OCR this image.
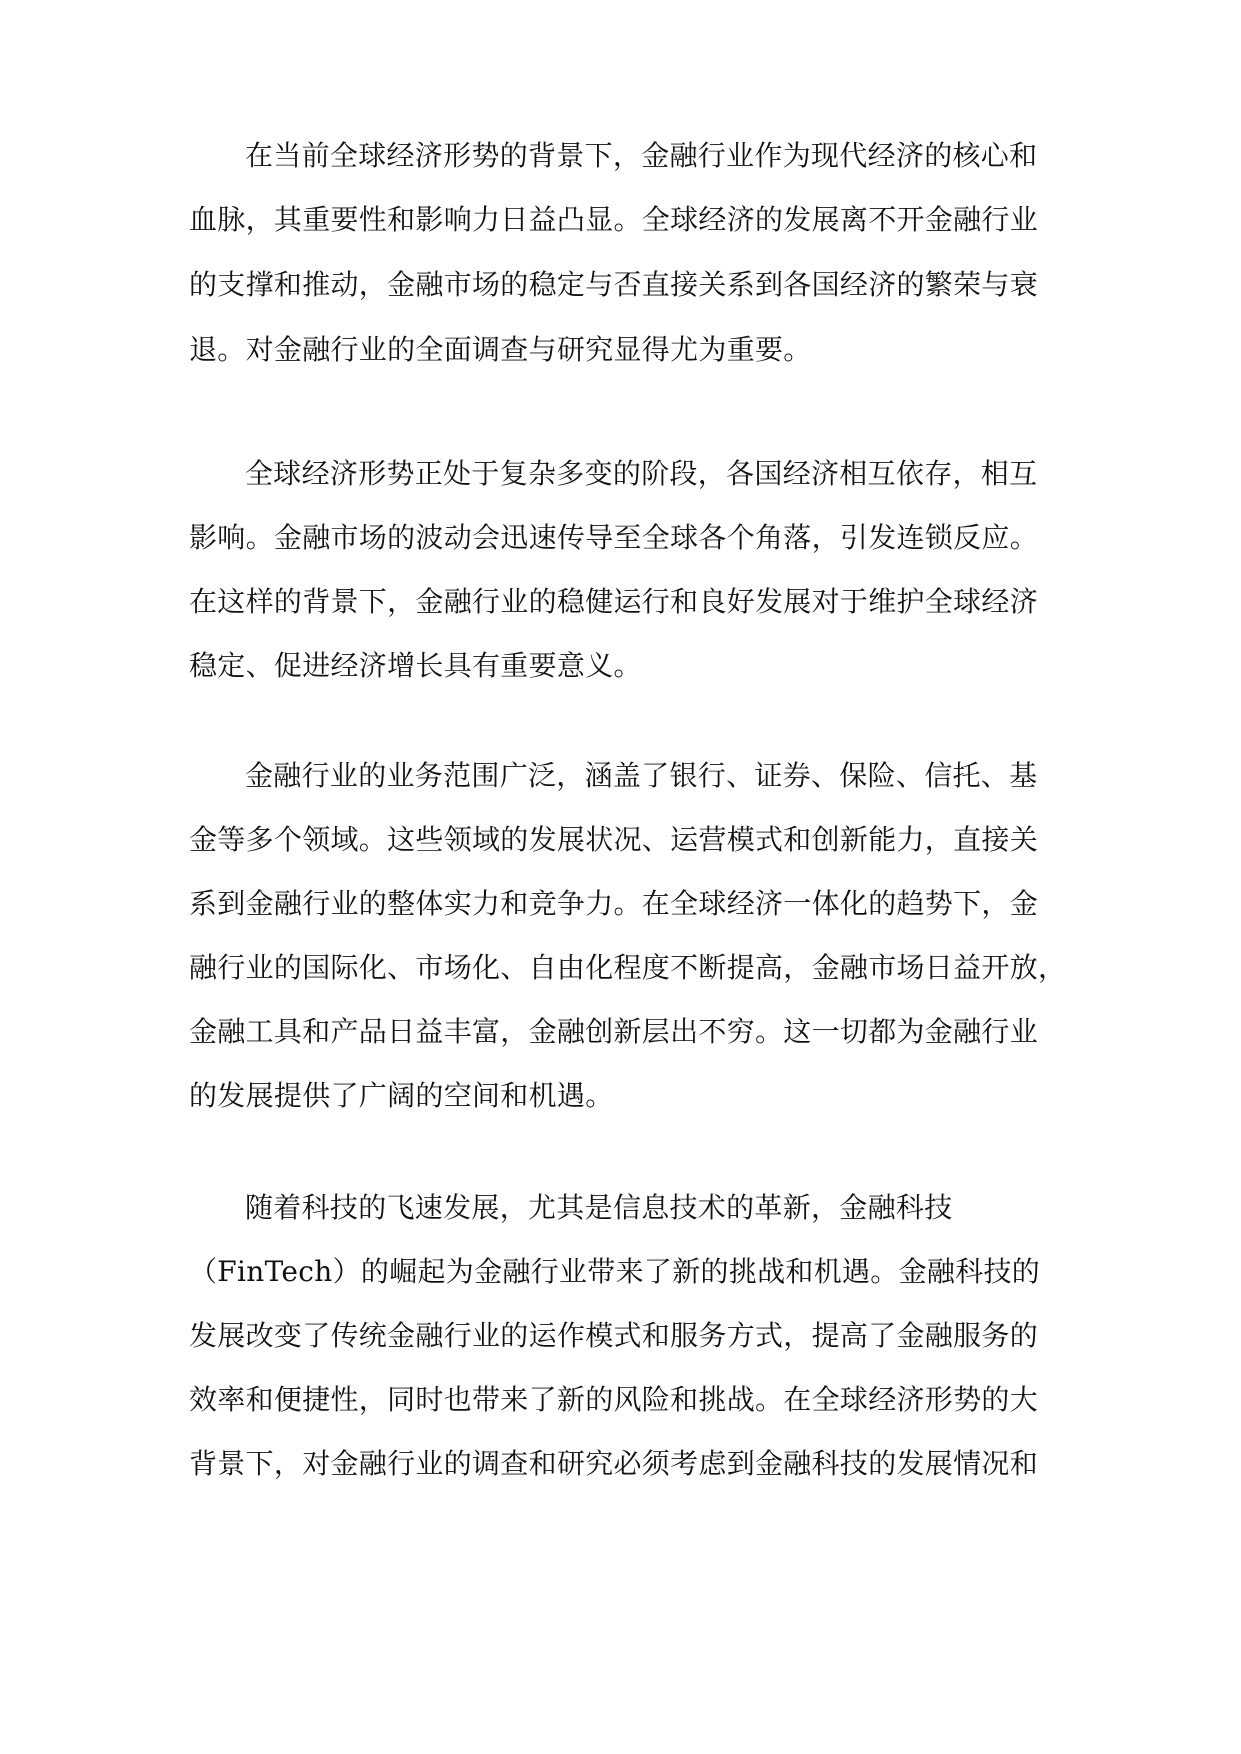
在当前全球经济形势的背景下，金融行业作为现代经济的核心和
血脉，其重要性和影响力日益凸显。全球经济的发展离不开金融行业
的支撑和推动，金融市场的稳定与否直接关系到各国经济的繁荣与衰
退。对金融行业的全面调查与研究显得尤为重要。
全球经济形势正处于复杂多变的阶段，各国经济相互依存，相互
影响。金融市场的波动会迅速传导至全球各个角落，引发连锁反应。
在这样的背景下，金融行业的稳健运行和良好发展对于维护全球经济
稳定、促进经济增长具有重要意义。
金融行业的业务范围广泛，涵盖了银行、证券、保险、信托、基
金等多个领域。这些领域的发展状况、运营模式和创新能力，直接关
系到金融行业的整体实力和竞争力。在全球经济一体化的趋势下，金
融行业的国际化、市场化、自由化程度不断提高，金融市场日益开放，
金融工具和产品日益丰富，金融创新层出不穷。这一切都为金融行业
的发展提供了广阔的空间和机遇。
随着科技的飞速发展，尤其是信息技术的革新，金融科技
（FinTech）的崛起为金融行业带来了新的挑战和机遇。金融科技的
发展改变了传统金融行业的运作模式和服务方式，提高了金融服务的
效率和便捷性，同时也带来了新的风险和挑战。在全球经济形势的大
背景下，对金融行业的调查和研究必须考虑到金融科技的发展情况和
